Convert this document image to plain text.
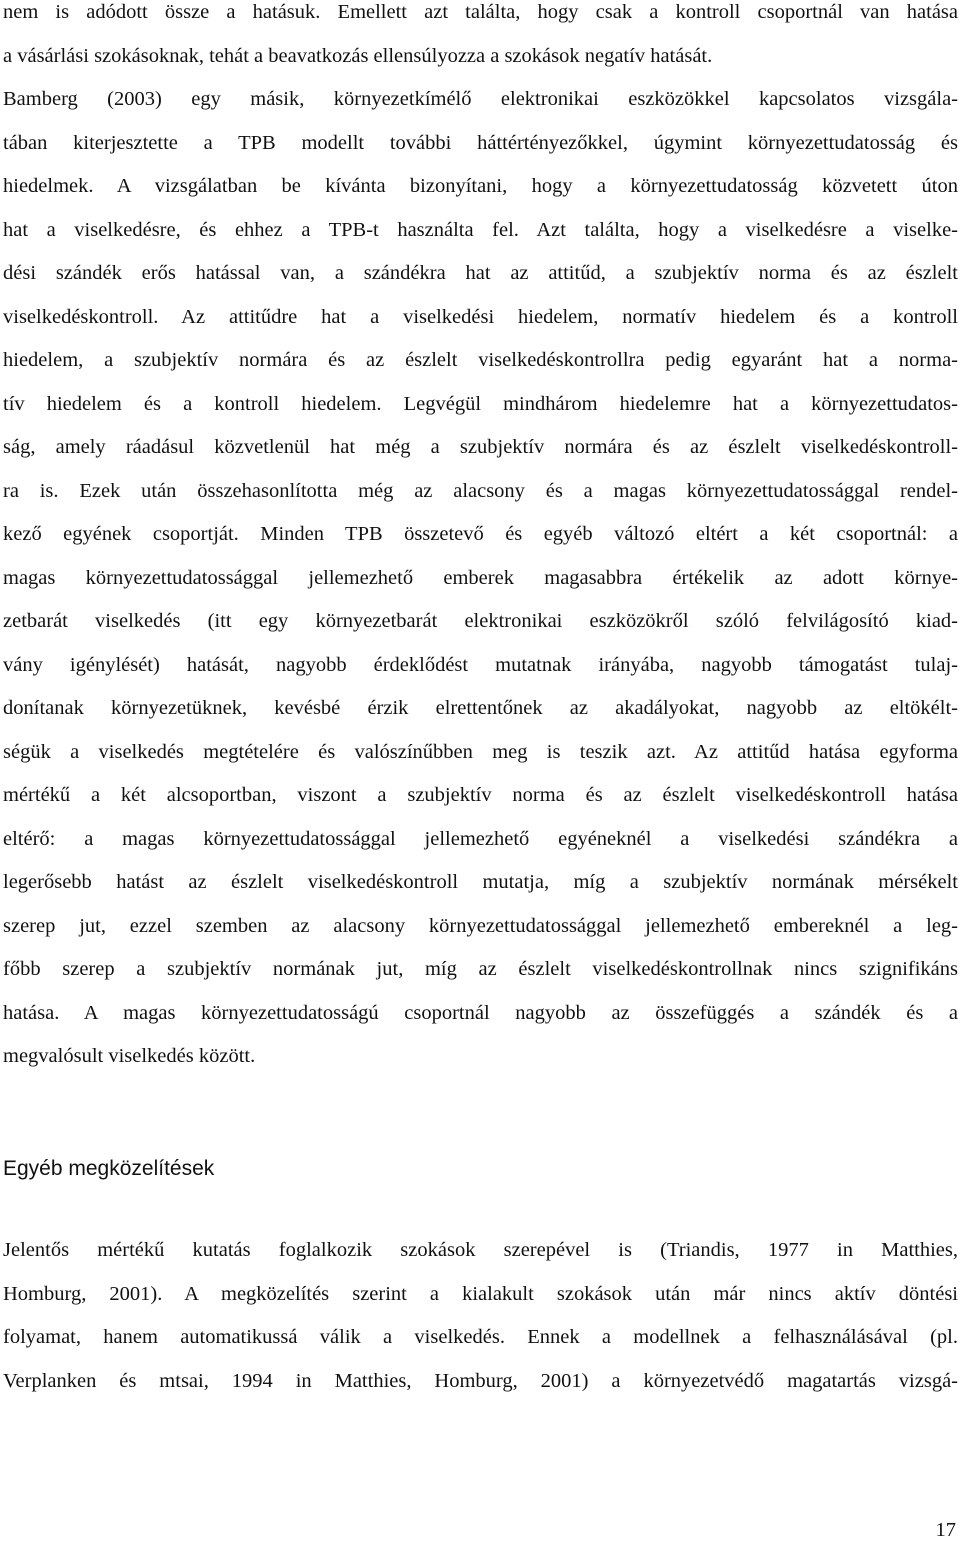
nem is adódott össze a hatásuk. Emellett azt találta, hogy csak a kontroll csoportnál van hatása
a vásárlási szokásoknak, tehát a beavatkozás ellensúlyozza a szokások negatív hatását.
Bamberg (2003) egy másik, környezetkímélő elektronikai eszközökkel kapcsolatos vizsgála-
tában kiterjesztette a TPB modellt további háttértényezőkkel, úgymint környezettudatosság és
hiedelmek. A vizsgálatban be kívánta bizonyítani, hogy a környezettudatosság közvetett úton
hat a viselkedésre, és ehhez a TPB-t használta fel. Azt találta, hogy a viselkedésre a viselke-
dési szándék erős hatással van, a szándékra hat az attitűd, a szubjektív norma és az észlelt
viselkedéskontroll. Az attitűdre hat a viselkedési hiedelem, normatív hiedelem és a kontroll
hiedelem, a szubjektív normára és az észlelt viselkedéskontrollra pedig egyaránt hat a norma-
tív hiedelem és a kontroll hiedelem. Legvégül mindhárom hiedelemre hat a környezettudatos-
ság, amely ráadásul közvetlenül hat még a szubjektív normára és az észlelt viselkedéskontroll-
ra is. Ezek után összehasonlította még az alacsony és a magas környezettudatossággal rendel-
kező egyének csoportját. Minden TPB összetevő és egyéb változó eltért a két csoportnál: a
magas környezettudatossággal jellemezhető emberek magasabbra értékelik az adott környe-
zetbarát viselkedés (itt egy környezetbarát elektronikai eszközökről szóló felvilágosító kiad-
vány igénylését) hatását, nagyobb érdeklődést mutatnak irányába, nagyobb támogatást tulaj-
donítanak környezetüknek, kevésbé érzik elrettentőnek az akadályokat, nagyobb az eltökélt-
ségük a viselkedés megtételére és valószínűbben meg is teszik azt. Az attitűd hatása egyforma
mértékű a két alcsoportban, viszont a szubjektív norma és az észlelt viselkedéskontroll hatása
eltérő: a magas környezettudatossággal jellemezhető egyéneknél a viselkedési szándékra a
legerősebb hatást az észlelt viselkedéskontroll mutatja, míg a szubjektív normának mérsékelt
szerep jut, ezzel szemben az alacsony környezettudatossággal jellemezhető embereknél a leg-
főbb szerep a szubjektív normának jut, míg az észlelt viselkedéskontrollnak nincs szignifikáns
hatása. A magas környezettudatosságú csoportnál nagyobb az összefüggés a szándék és a
megvalósult viselkedés között.
Egyéb megközelítések
Jelentős mértékű kutatás foglalkozik szokások szerepével is (Triandis, 1977 in Matthies,
Homburg, 2001). A megközelítés szerint a kialakult szokások után már nincs aktív döntési
folyamat, hanem automatikussá válik a viselkedés. Ennek a modellnek a felhasználásával (pl.
Verplanken és mtsai, 1994 in Matthies, Homburg, 2001) a környezetvédő magatartás vizsgá-
17
